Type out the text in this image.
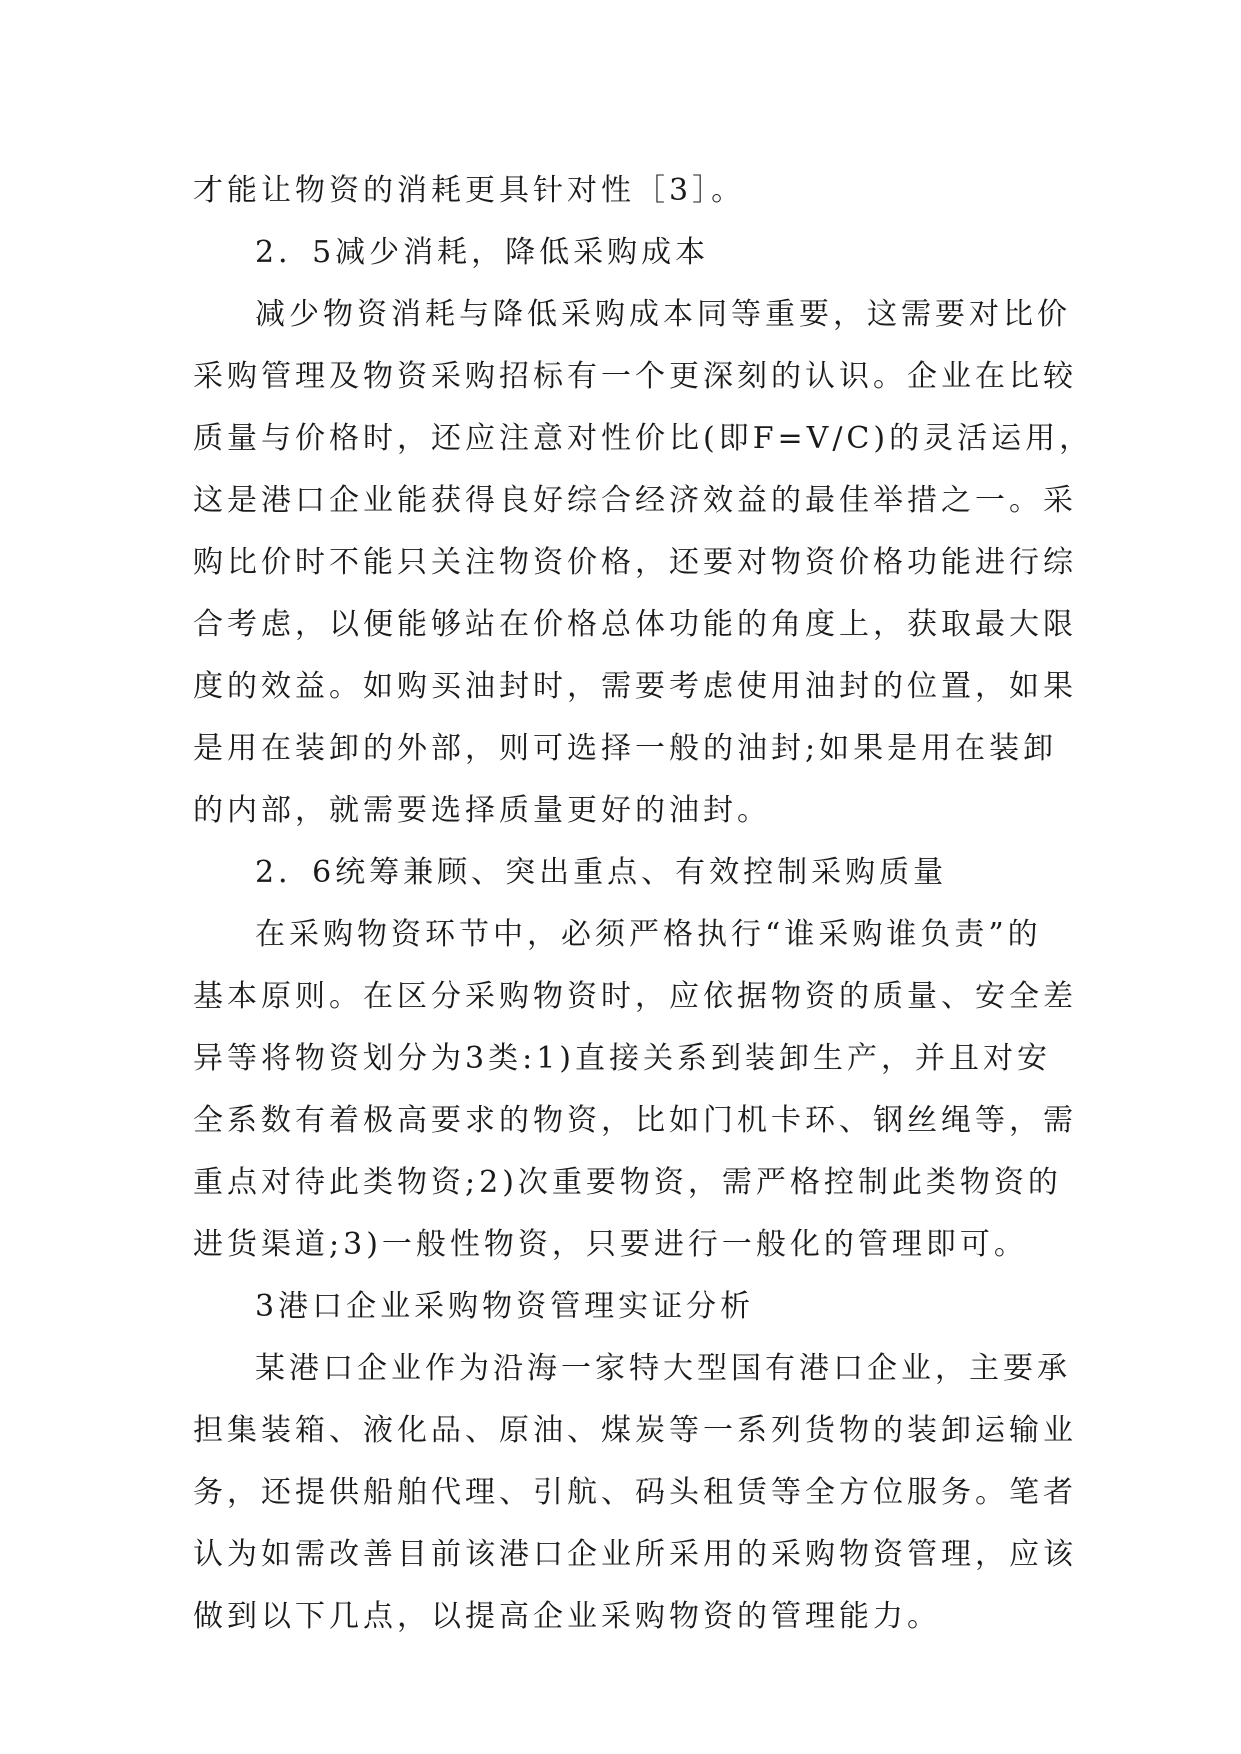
才能让物资的消耗更具针对性［3］。
2．5减少消耗，降低采购成本
减少物资消耗与降低采购成本同等重要，这需要对比价
采购管理及物资采购招标有一个更深刻的认识。企业在比较
质量与价格时，还应注意对性价比(即F=V/C)的灵活运用，
这是港口企业能获得良好综合经济效益的最佳举措之一。采
购比价时不能只关注物资价格，还要对物资价格功能进行综
合考虑，以便能够站在价格总体功能的角度上，获取最大限
度的效益。如购买油封时，需要考虑使用油封的位置，如果
是用在装卸的外部，则可选择一般的油封;如果是用在装卸
的内部，就需要选择质量更好的油封。
2．6统筹兼顾、突出重点、有效控制采购质量
在采购物资环节中，必须严格执行“谁采购谁负责”的
基本原则。在区分采购物资时，应依据物资的质量、安全差
异等将物资划分为3类:1)直接关系到装卸生产，并且对安
全系数有着极高要求的物资，比如门机卡环、钢丝绳等，需
重点对待此类物资;2)次重要物资，需严格控制此类物资的
进货渠道;3)一般性物资，只要进行一般化的管理即可。
3港口企业采购物资管理实证分析
某港口企业作为沿海一家特大型国有港口企业，主要承
担集装箱、液化品、原油、煤炭等一系列货物的装卸运输业
务，还提供船舶代理、引航、码头租赁等全方位服务。笔者
认为如需改善目前该港口企业所采用的采购物资管理，应该
做到以下几点，以提高企业采购物资的管理能力。
